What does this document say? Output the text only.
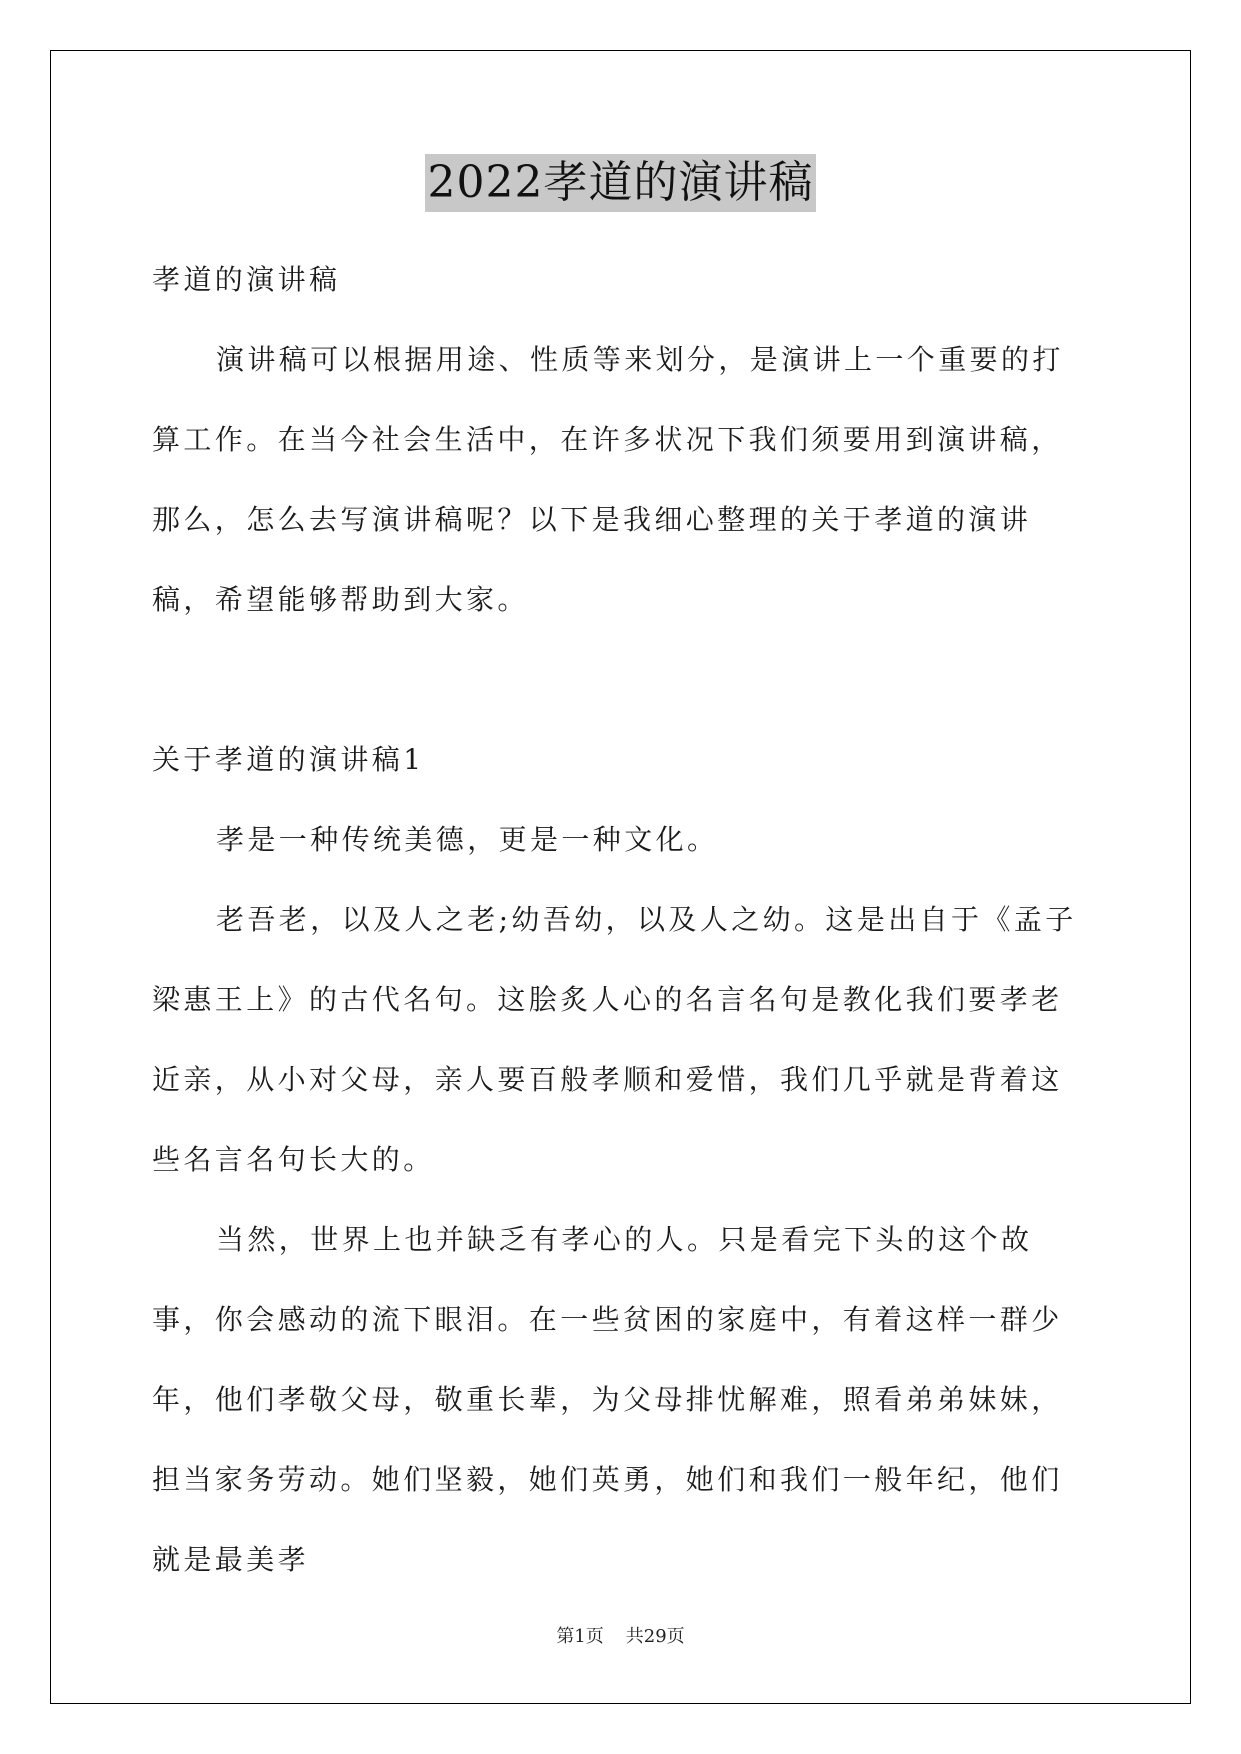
2022孝道的演讲稿

孝道的演讲稿

演讲稿可以根据用途、性质等来划分，是演讲上一个重要的打算工作。在当今社会生活中，在许多状况下我们须要用到演讲稿，那么，怎么去写演讲稿呢？以下是我细心整理的关于孝道的演讲稿，希望能够帮助到大家。

关于孝道的演讲稿1

孝是一种传统美德，更是一种文化。

老吾老，以及人之老;幼吾幼，以及人之幼。这是出自于《孟子梁惠王上》的古代名句。这脍炙人心的名言名句是教化我们要孝老近亲，从小对父母，亲人要百般孝顺和爱惜，我们几乎就是背着这些名言名句长大的。

当然，世界上也并缺乏有孝心的人。只是看完下头的这个故事，你会感动的流下眼泪。在一些贫困的家庭中，有着这样一群少年，他们孝敬父母，敬重长辈，为父母排忧解难，照看弟弟妹妹，担当家务劳动。她们坚毅，她们英勇，她们和我们一般年纪，他们就是最美孝

第1页 共29页
